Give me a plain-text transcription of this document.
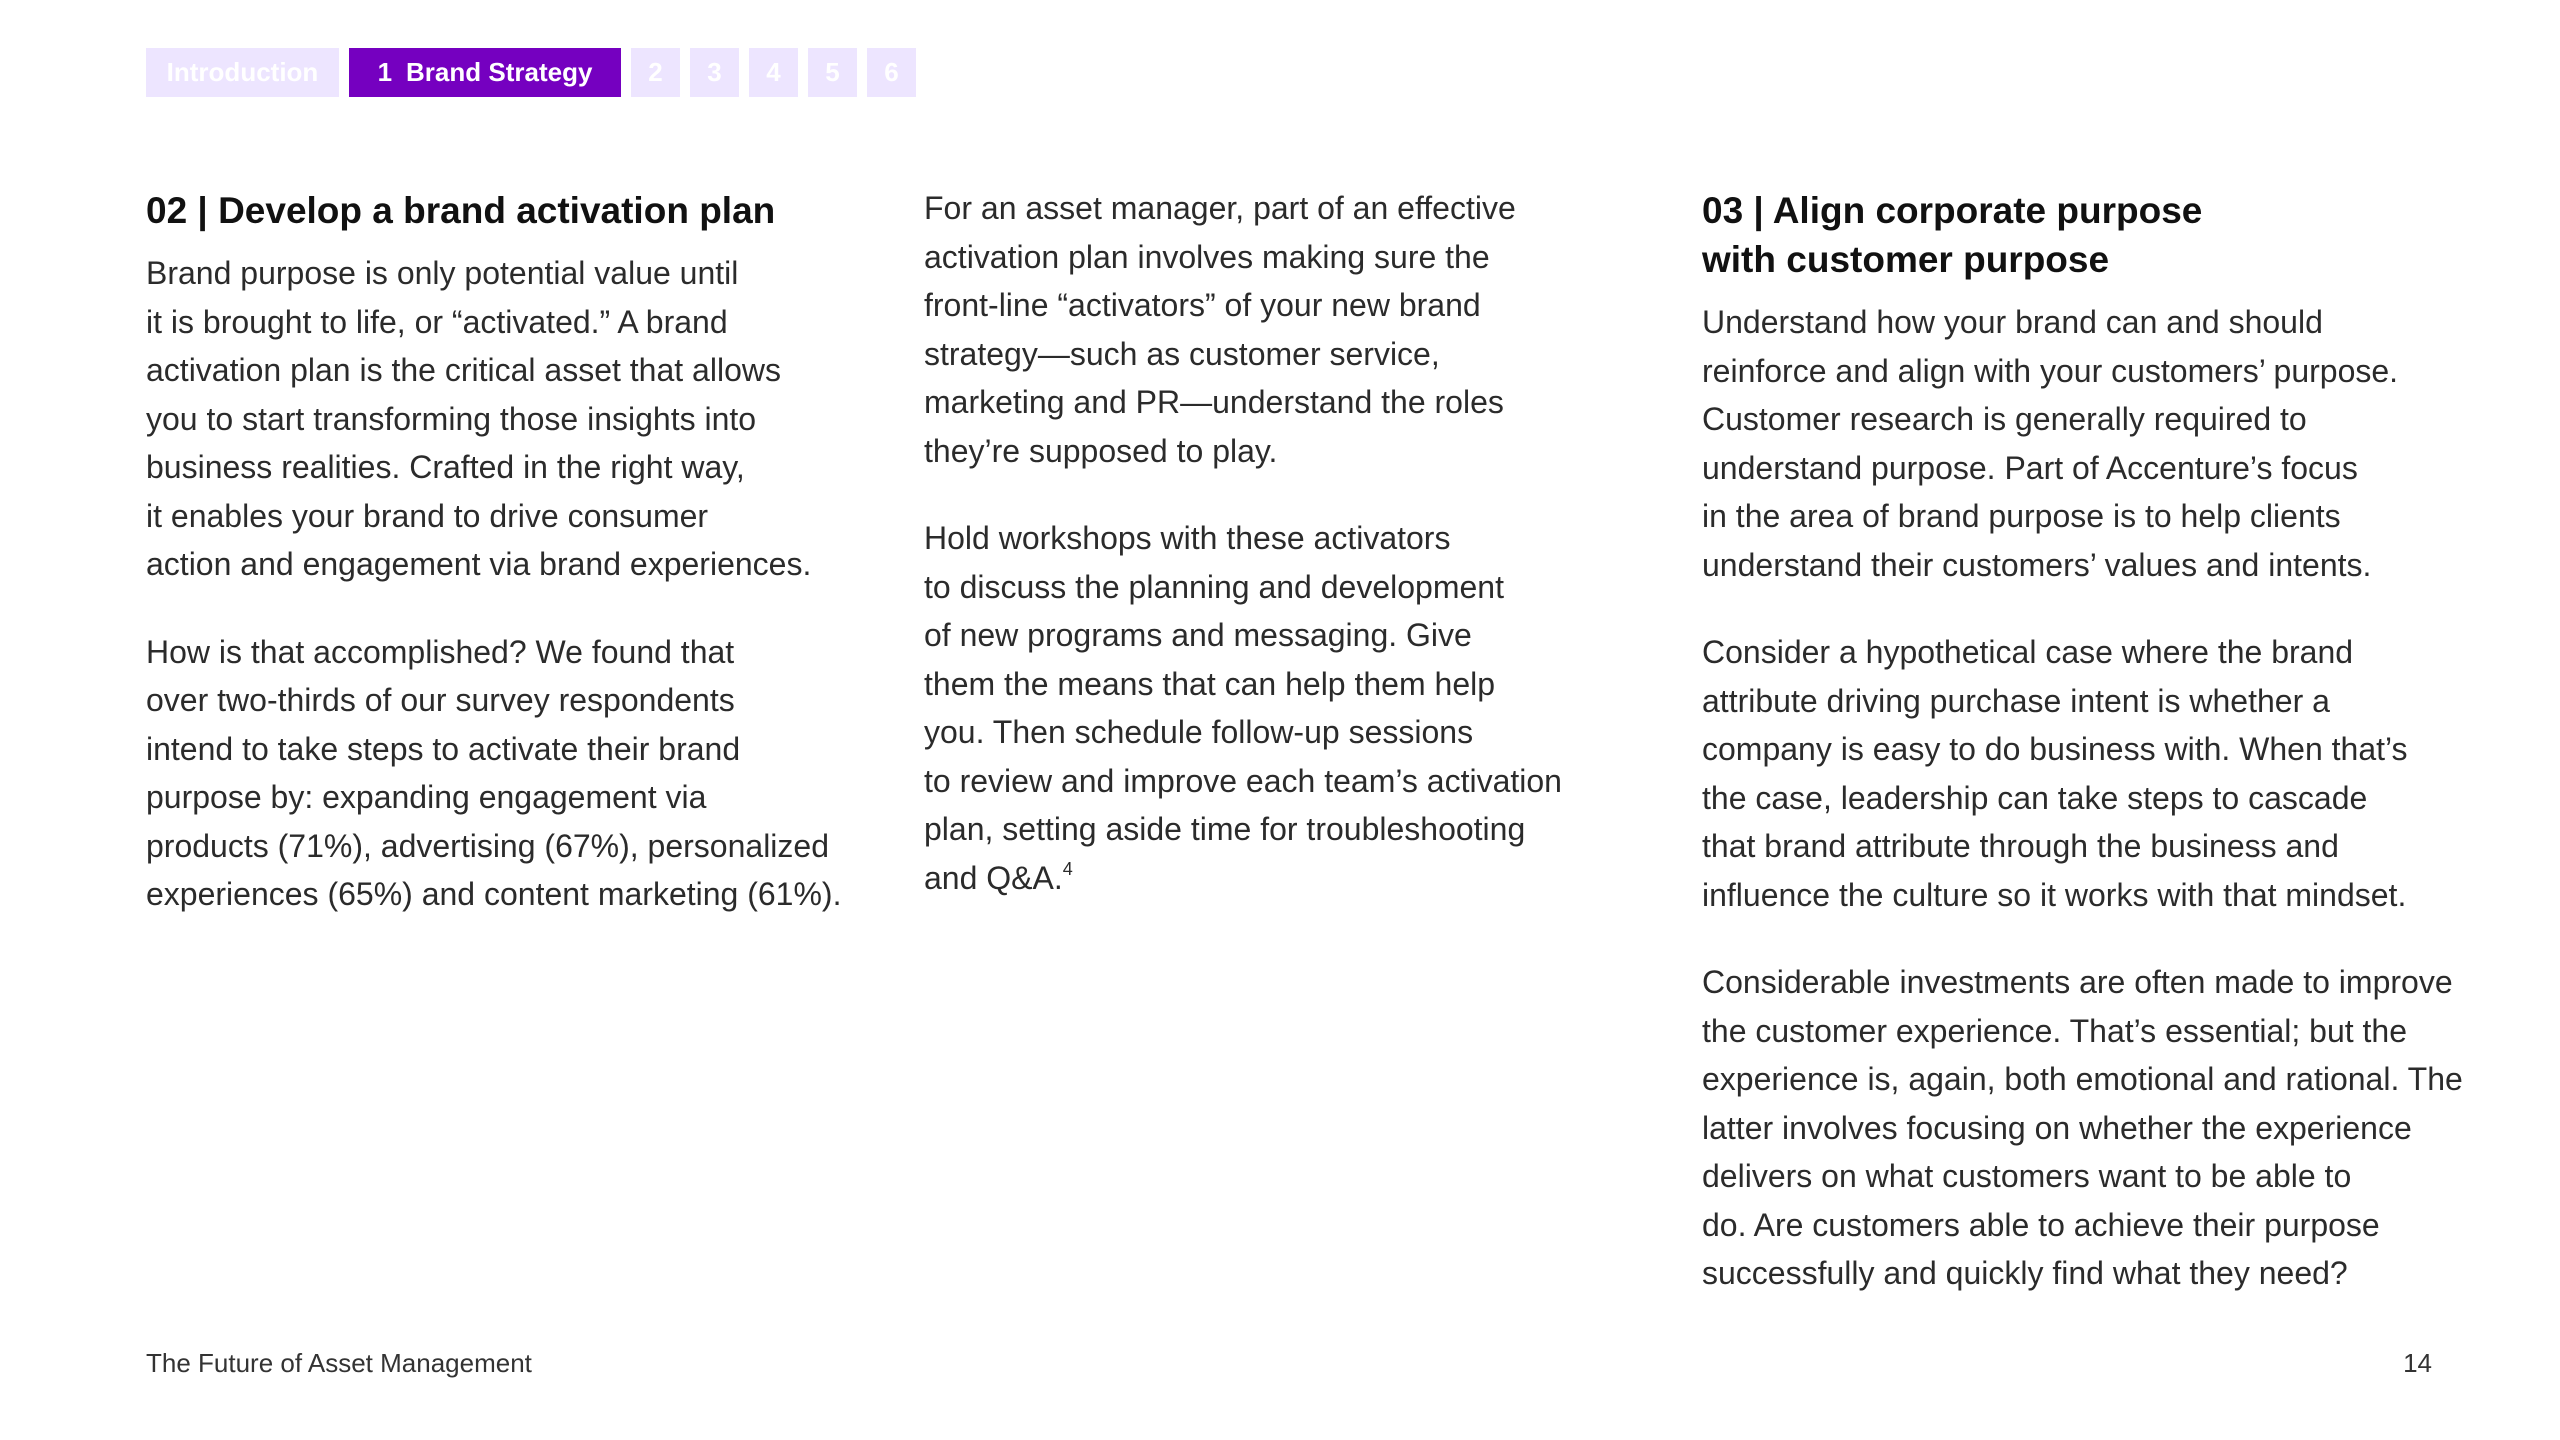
Introduction	1 Brand Strategy	2	3	4	5	6
02 | Develop a brand activation plan

Brand purpose is only potential value until
it is brought to life, or “activated.” A brand
activation plan is the critical asset that allows
you to start transforming those insights into
business realities. Crafted in the right way,
it enables your brand to drive consumer
action and engagement via brand experiences.

How is that accomplished? We found that
over two-thirds of our survey respondents
intend to take steps to activate their brand
purpose by: expanding engagement via
products (71%), advertising (67%), personalized
experiences (65%) and content marketing (61%).

For an asset manager, part of an effective
activation plan involves making sure the
front-line “activators” of your new brand
strategy—such as customer service,
marketing and PR—understand the roles
they’re supposed to play.

Hold workshops with these activators
to discuss the planning and development
of new programs and messaging. Give
them the means that can help them help
you. Then schedule follow-up sessions
to review and improve each team’s activation
plan, setting aside time for troubleshooting
and Q&A.$^4$

03 | Align corporate purpose
with customer purpose

Understand how your brand can and should
reinforce and align with your customers’ purpose.
Customer research is generally required to
understand purpose. Part of Accenture’s focus
in the area of brand purpose is to help clients
understand their customers’ values and intents.

Consider a hypothetical case where the brand
attribute driving purchase intent is whether a
company is easy to do business with. When that’s
the case, leadership can take steps to cascade
that brand attribute through the business and
influence the culture so it works with that mindset.

Considerable investments are often made to improve
the customer experience. That’s essential; but the
experience is, again, both emotional and rational. The
latter involves focusing on whether the experience
delivers on what customers want to be able to
do. Are customers able to achieve their purpose
successfully and quickly find what they need?

The Future of Asset Management	14
